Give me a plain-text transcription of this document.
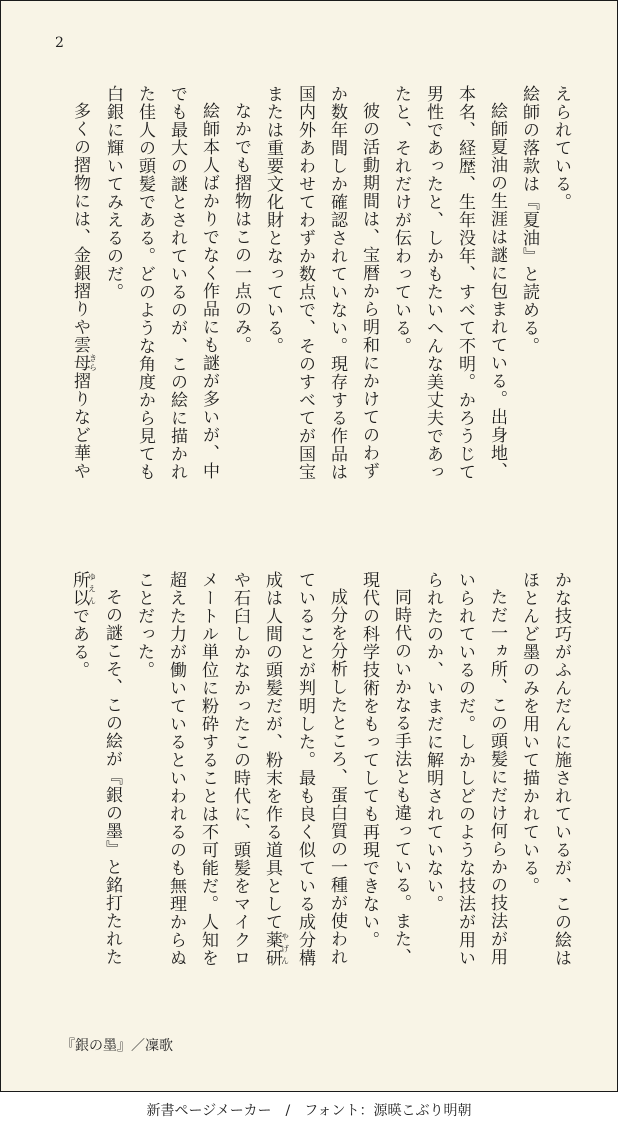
2

えられている。

絵師の落款は『夏油』と読める。

絵師夏油の生涯は謎に包まれている。出身地、

本名、経歴、生年没年、すべて不明。かろうじて

男性であったと、しかもたいへんな美丈夫であっ

たと、それだけが伝わっている。

彼の活動期間は、宝暦から明和にかけてのわず

か数年間しか確認されていない。現存する作品は

国内外あわせてわずか数点で、そのすべてが国宝

または重要文化財となっている。

なかでも摺物はこの一点のみ。

絵師本人ばかりでなく作品にも謎が多いが、中

でも最大の謎とされているのが、この絵に描かれ

た佳人の頭髪である。どのような角度から見ても

白銀に輝いてみえるのだ。

多くの摺物には、金銀摺りや雲母きら摺りなど華や

かな技巧がふんだんに施されているが、この絵は

ほとんど墨のみを用いて描かれている。

ただ一ヵ所、この頭髪にだけ何らかの技法が用

いられているのだ。しかしどのような技法が用い

られたのか、いまだに解明されていない。

同時代のいかなる手法とも違っている。また、

現代の科学技術をもってしても再現できない。

成分を分析したところ、蛋白質の一種が使われ

ていることが判明した。最も良く似ている成分構

成は人間の頭髪だが、粉末を作る道具として薬研やげん

や石臼しかなかったこの時代に、頭髪をマイクロ

メートル単位に粉砕することは不可能だ。人知を

超えた力が働いているといわれるのも無理からぬ

ことだった。

その謎こそ、この絵が『銀の墨』と銘打たれた

所以ゆえんである。

『銀の墨』／凜歌
新書ページメーカー / フォント：源暎こぶり明朝
